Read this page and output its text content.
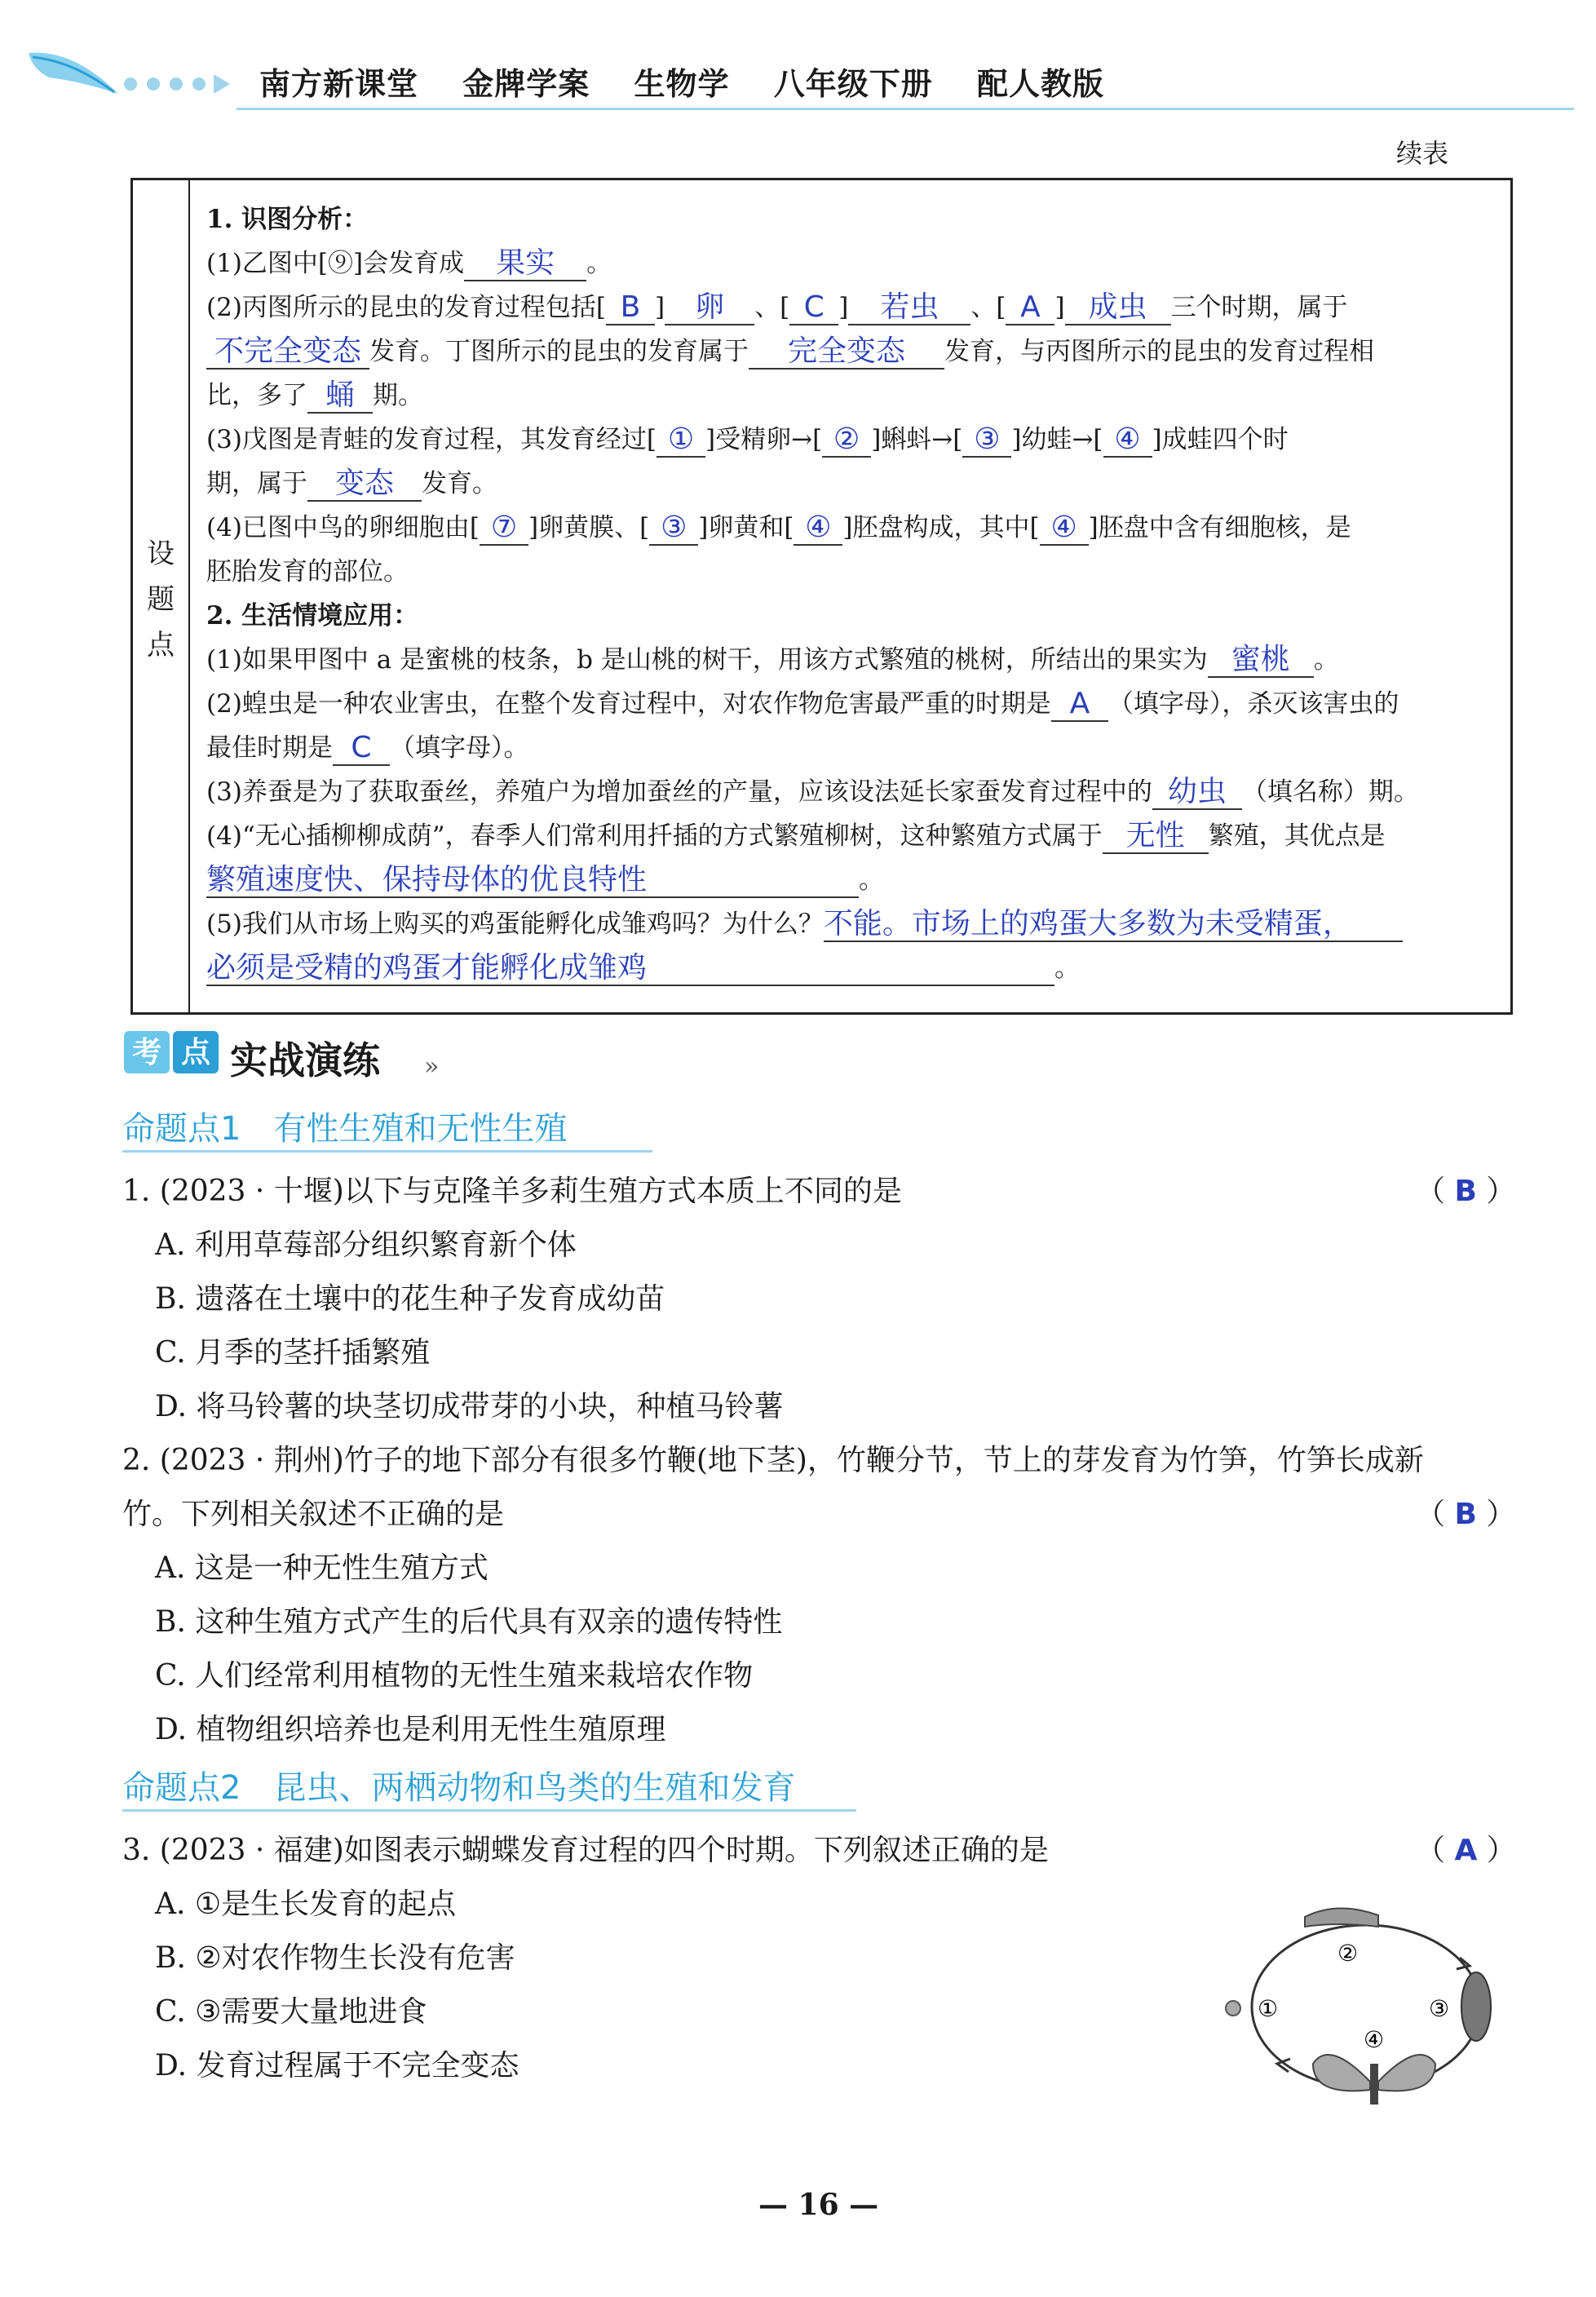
南方新课堂 金牌学案 生物学 八年级下册 配人教版
续表
设
题
点
1. 识图分析：
(1)乙图中[⑨]会发育成 果实 。
(2)丙图所示的昆虫的发育过程包括[ B ] 卵 、[ C ] 若虫 、[ A ] 成虫 三个时期，属于
不完全变态 发育。丁图所示的昆虫的发育属于 完全变态 发育，与丙图所示的昆虫的发育过程相
比，多了 蛹 期。
(3)戊图是青蛙的发育过程，其发育经过[ ① ]受精卵→[ ② ]蝌蚪→[ ③ ]幼蛙→[ ④ ]成蛙四个时
期，属于 变态 发育。
(4)已图中鸟的卵细胞由[ ⑦ ]卵黄膜、[ ③ ]卵黄和[ ④ ]胚盘构成，其中[ ④ ]胚盘中含有细胞核，是
胚胎发育的部位。
2. 生活情境应用：
(1)如果甲图中 a 是蜜桃的枝条，b 是山桃的树干，用该方式繁殖的桃树，所结出的果实为 蜜桃 。
(2)蝗虫是一种农业害虫，在整个发育过程中，对农作物危害最严重的时期是 A （填字母），杀灭该害虫的
最佳时期是 C （填字母）。
(3)养蚕是为了获取蚕丝，养殖户为增加蚕丝的产量，应该设法延长家蚕发育过程中的 幼虫 （填名称）期。
(4)“无心插柳柳成荫”，春季人们常利用扦插的方式繁殖柳树，这种繁殖方式属于 无性 繁殖，其优点是
繁殖速度快、保持母体的优良特性	。
(5)我们从市场上购买的鸡蛋能孵化成雏鸡吗？为什么？不能。市场上的鸡蛋大多数为未受精蛋，
必须是受精的鸡蛋才能孵化成雏鸡	。
考 点 实战演练 »
命题点1　有性生殖和无性生殖
1. (2023 · 十堰)以下与克隆羊多莉生殖方式本质上不同的是	（ B ）
A. 利用草莓部分组织繁育新个体
B. 遗落在土壤中的花生种子发育成幼苗
C. 月季的茎扦插繁殖
D. 将马铃薯的块茎切成带芽的小块，种植马铃薯
2. (2023 · 荆州)竹子的地下部分有很多竹鞭(地下茎)，竹鞭分节，节上的芽发育为竹笋，竹笋长成新
竹。下列相关叙述不正确的是	（ B ）
A. 这是一种无性生殖方式
B. 这种生殖方式产生的后代具有双亲的遗传特性
C. 人们经常利用植物的无性生殖来栽培农作物
D. 植物组织培养也是利用无性生殖原理
命题点2　昆虫、两栖动物和鸟类的生殖和发育
3. (2023 · 福建)如图表示蝴蝶发育过程的四个时期。下列叙述正确的是	（ A ）
A. ①是生长发育的起点
B. ②对农作物生长没有危害
C. ③需要大量地进食
D. 发育过程属于不完全变态
①
②
③
④
— 16 —
